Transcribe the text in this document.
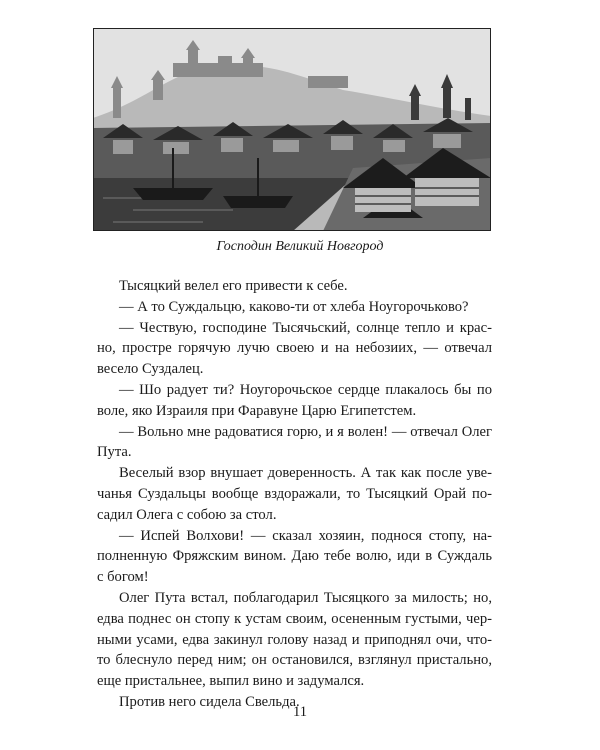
Господин Великий Новгород

Тысяцкий велел его привести к себе.

— А то Суждальцю, каково-ти от хлеба Ноугорочьково?

— Чествую, господине Тысячьский, солнце тепло и крас-
но, простре горячую лучю своею и на небозиих, — отвечал
весело Суздалец.

— Шо радует ти? Ноугорочьское сердце плакалось бы по
воле, яко Израиля при Фаравуне Царю Египетстем.

— Вольно мне радоватися горю, и я волен! — отвечал Олег
Пута.

Веселый взор внушает доверенность. А так как после уве-
чанья Суздальцы вообще вздоражали, то Тысяцкий Орай по-
садил Олега с собою за стол.

— Испей Волхови! — сказал хозяин, поднося стопу, на-
полненную Фряжским вином. Даю тебе волю, иди в Суждаль
с богом!

Олег Пута встал, поблагодарил Тысяцкого за милость; но,
едва поднес он стопу к устам своим, осененным густыми, чер-
ными усами, едва закинул голову назад и приподнял очи, что-
то блеснуло перед ним; он остановился, взглянул пристально,
еще пристальнее, выпил вино и задумался.

Против него сидела Свельда.

11
